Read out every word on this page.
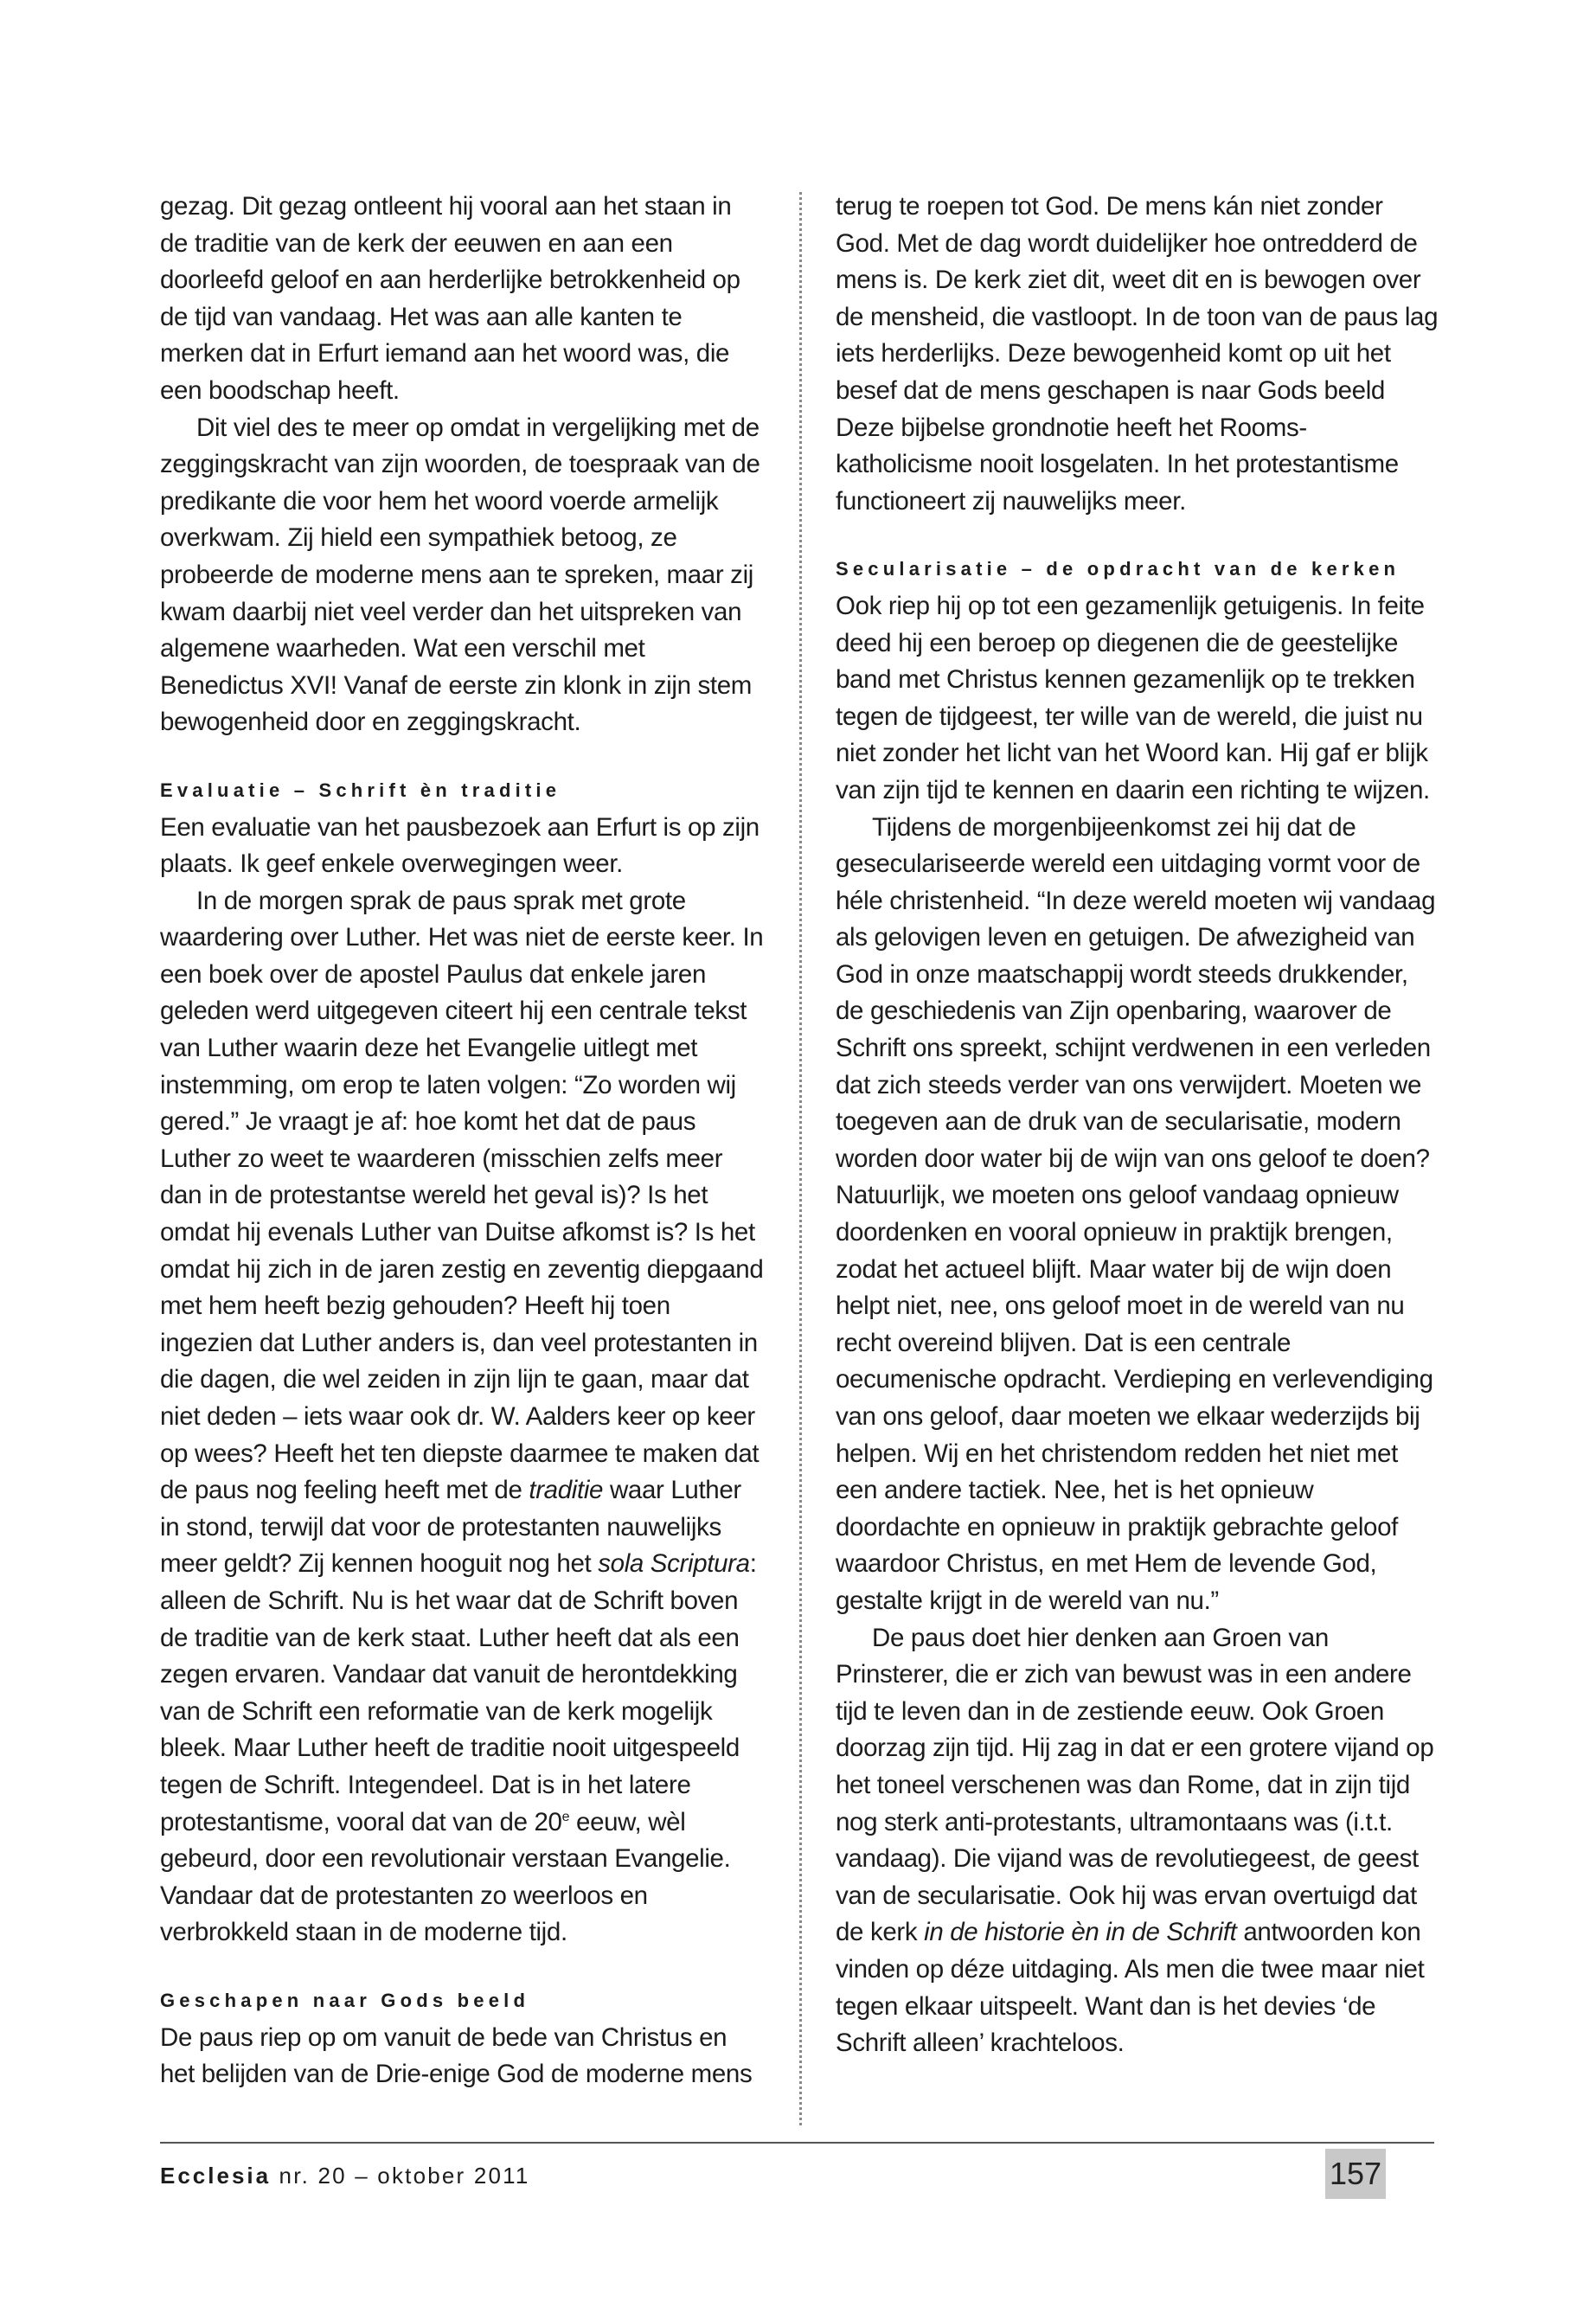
gezag. Dit gezag ontleent hij vooral aan het staan in de traditie van de kerk der eeuwen en aan een doorleefd geloof en aan herderlijke betrokkenheid op de tijd van vandaag. Het was aan alle kanten te merken dat in Erfurt iemand aan het woord was, die een boodschap heeft.

Dit viel des te meer op omdat in vergelijking met de zeggingskracht van zijn woorden, de toespraak van de predikante die voor hem het woord voerde armelijk overkwam. Zij hield een sympathiek betoog, ze probeerde de moderne mens aan te spreken, maar zij kwam daarbij niet veel verder dan het uitspreken van algemene waarheden. Wat een verschil met Benedictus XVI! Vanaf de eerste zin klonk in zijn stem bewogenheid door en zeggingskracht.

Evaluatie – Schrift èn traditie

Een evaluatie van het pausbezoek aan Erfurt is op zijn plaats. Ik geef enkele overwegingen weer.

In de morgen sprak de paus sprak met grote waardering over Luther. Het was niet de eerste keer. In een boek over de apostel Paulus dat enkele jaren geleden werd uitgegeven citeert hij een centrale tekst van Luther waarin deze het Evangelie uitlegt met instemming, om erop te laten volgen: “Zo worden wij gered.” Je vraagt je af: hoe komt het dat de paus Luther zo weet te waarderen (misschien zelfs meer dan in de protestantse wereld het geval is)? Is het omdat hij evenals Luther van Duitse afkomst is? Is het omdat hij zich in de jaren zestig en zeventig diepgaand met hem heeft bezig gehouden? Heeft hij toen ingezien dat Luther anders is, dan veel protestanten in die dagen, die wel zeiden in zijn lijn te gaan, maar dat niet deden – iets waar ook dr. W. Aalders keer op keer op wees? Heeft het ten diepste daarmee te maken dat de paus nog feeling heeft met de traditie waar Luther in stond, terwijl dat voor de protestanten nauwelijks meer geldt? Zij kennen hooguit nog het sola Scriptura: alleen de Schrift. Nu is het waar dat de Schrift boven de traditie van de kerk staat. Luther heeft dat als een zegen ervaren. Vandaar dat vanuit de herontdekking van de Schrift een reformatie van de kerk mogelijk bleek. Maar Luther heeft de traditie nooit uitgespeeld tegen de Schrift. Integendeel. Dat is in het latere protestantisme, vooral dat van de 20e eeuw, wèl gebeurd, door een revolutionair verstaan Evangelie. Vandaar dat de protestanten zo weerloos en verbrokkeld staan in de moderne tijd.

Geschapen naar Gods beeld

De paus riep op om vanuit de bede van Christus en het belijden van de Drie-enige God de moderne mens

terug te roepen tot God. De mens kán niet zonder God. Met de dag wordt duidelijker hoe ontredderd de mens is. De kerk ziet dit, weet dit en is bewogen over de mensheid, die vastloopt. In de toon van de paus lag iets herderlijks. Deze bewogenheid komt op uit het besef dat de mens geschapen is naar Gods beeld Deze bijbelse grondnotie heeft het Rooms-katholicisme nooit losgelaten. In het protestantisme functioneert zij nauwelijks meer.

Secularisatie – de opdracht van de kerken

Ook riep hij op tot een gezamenlijk getuigenis. In feite deed hij een beroep op diegenen die de geestelijke band met Christus kennen gezamenlijk op te trekken tegen de tijdgeest, ter wille van de wereld, die juist nu niet zonder het licht van het Woord kan. Hij gaf er blijk van zijn tijd te kennen en daarin een richting te wijzen.

Tijdens de morgenbijeenkomst zei hij dat de geseculariseerde wereld een uitdaging vormt voor de héle christenheid. “In deze wereld moeten wij vandaag als gelovigen leven en getuigen. De afwezigheid van God in onze maatschappij wordt steeds drukkender, de geschiedenis van Zijn openbaring, waarover de Schrift ons spreekt, schijnt verdwenen in een verleden dat zich steeds verder van ons verwijdert. Moeten we toegeven aan de druk van de secularisatie, modern worden door water bij de wijn van ons geloof te doen? Natuurlijk, we moeten ons geloof vandaag opnieuw doordenken en vooral opnieuw in praktijk brengen, zodat het actueel blijft. Maar water bij de wijn doen helpt niet, nee, ons geloof moet in de wereld van nu recht overeind blijven. Dat is een centrale oecumenische opdracht. Verdieping en verlevendiging van ons geloof, daar moeten we elkaar wederzijds bij helpen. Wij en het christendom redden het niet met een andere tactiek. Nee, het is het opnieuw doordachte en opnieuw in praktijk gebrachte geloof waardoor Christus, en met Hem de levende God, gestalte krijgt in de wereld van nu.”

De paus doet hier denken aan Groen van Prinsterer, die er zich van bewust was in een andere tijd te leven dan in de zestiende eeuw. Ook Groen doorzag zijn tijd. Hij zag in dat er een grotere vijand op het toneel verschenen was dan Rome, dat in zijn tijd nog sterk anti-protestants, ultramontaans was (i.t.t. vandaag). Die vijand was de revolutiegeest, de geest van de secularisatie. Ook hij was ervan overtuigd dat de kerk in de historie èn in de Schrift antwoorden kon vinden op déze uitdaging. Als men die twee maar niet tegen elkaar uitspeelt. Want dan is het devies ‘de Schrift alleen’ krachteloos.

Ecclesia nr. 20 – oktober 2011	157
